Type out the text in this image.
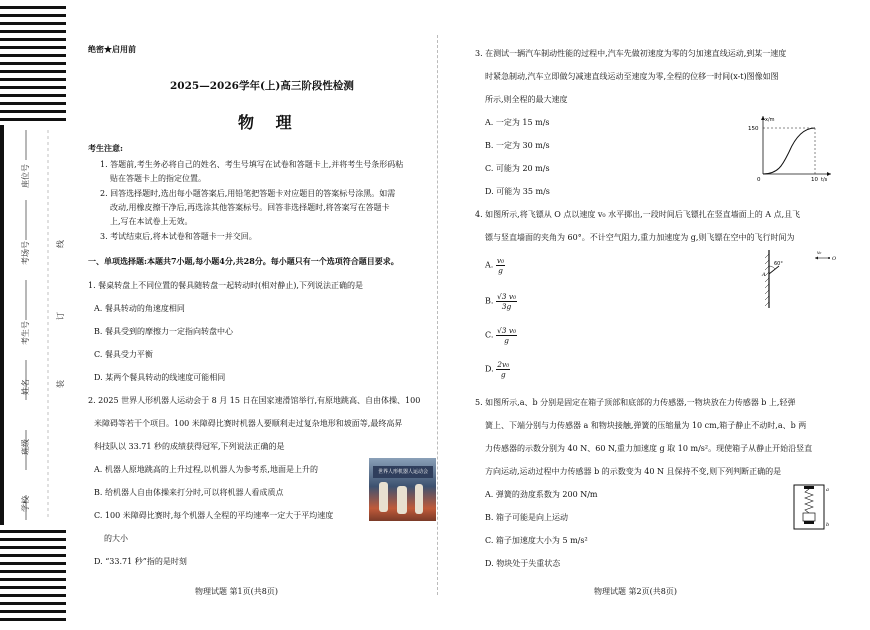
座位号
考场号
考生号
姓名
班级
学校
线
订
装
绝密★启用前
2025—2026学年(上)高三阶段性检测
物 理
考生注意:
1. 答题前,考生务必将自己的姓名、考生号填写在试卷和答题卡上,并将考生号条形码粘
贴在答题卡上的指定位置。
2. 回答选择题时,选出每小题答案后,用铅笔把答题卡对应题目的答案标号涂黑。如需
改动,用橡皮擦干净后,再选涂其他答案标号。回答非选择题时,将答案写在答题卡
上,写在本试卷上无效。
3. 考试结束后,将本试卷和答题卡一并交回。
一、单项选择题:本题共7小题,每小题4分,共28分。每小题只有一个选项符合题目要求。
1. 餐桌转盘上不同位置的餐具随转盘一起转动时(相对静止),下列说法正确的是
A. 餐具转动的角速度相同
B. 餐具受到的摩擦力一定指向转盘中心
C. 餐具受力平衡
D. 某两个餐具转动的线速度可能相同
2. 2025 世界人形机器人运动会于 8 月 15 日在国家速滑馆举行,有原地跳高、自由体操、100
米障碍等若干个项目。100 米障碍比赛时机器人要顺利走过复杂地形和坡面等,最终高昇
科技队以 33.71 秒的成绩获得冠军,下列说法正确的是
A. 机器人原地跳高的上升过程,以机器人为参考系,地面是上升的
B. 给机器人自由体操来打分时,可以将机器人看成质点
C. 100 米障碍比赛时,每个机器人全程的平均速率一定大于平均速度
的大小
D. “33.71 秒”指的是时刻
世界人形机器人运动会
物理试题 第1页(共8页)
3. 在测试一辆汽车制动性能的过程中,汽车先做初速度为零的匀加速直线运动,到某一速度
时紧急制动,汽车立即做匀减速直线运动至速度为零,全程的位移一时间(x-t)图像如图
所示,则全程的最大速度
A. 一定为 15 m/s
B. 一定为 30 m/s
C. 可能为 20 m/s
D. 可能为 35 m/s
x/m
150
0	10 t/s
4. 如图所示,将飞镖从 O 点以速度 v₀ 水平掷出,一段时间后飞镖扎在竖直墙面上的 A 点,且飞
镖与竖直墙面的夹角为 60°。不计空气阻力,重力加速度为 g,则飞镖在空中的飞行时间为
A. $\frac{\text{v₀}}{g}$
B. $\frac{\text{√3 v₀}}{3g}$
C. $\frac{\text{√3 v₀}}{g}$
D. $\frac{\text{2v₀}}{g}$
60°
A
O
v₀
5. 如图所示,a、b 分别是固定在箱子顶部和底部的力传感器,一物块放在力传感器 b 上,轻弹
簧上、下端分别与力传感器 a 和物块接触,弹簧的压缩量为 10 cm,箱子静止不动时,a、b 两
力传感器的示数分别为 40 N、60 N,重力加速度 g 取 10 m/s²。现使箱子从静止开始沿竖直
方向运动,运动过程中力传感器 b 的示数变为 40 N 且保持不变,则下列判断正确的是
A. 弹簧的劲度系数为 200 N/m
B. 箱子可能是向上运动
C. 箱子加速度大小为 5 m/s²
D. 物块处于失重状态
a
b
物理试题 第2页(共8页)
